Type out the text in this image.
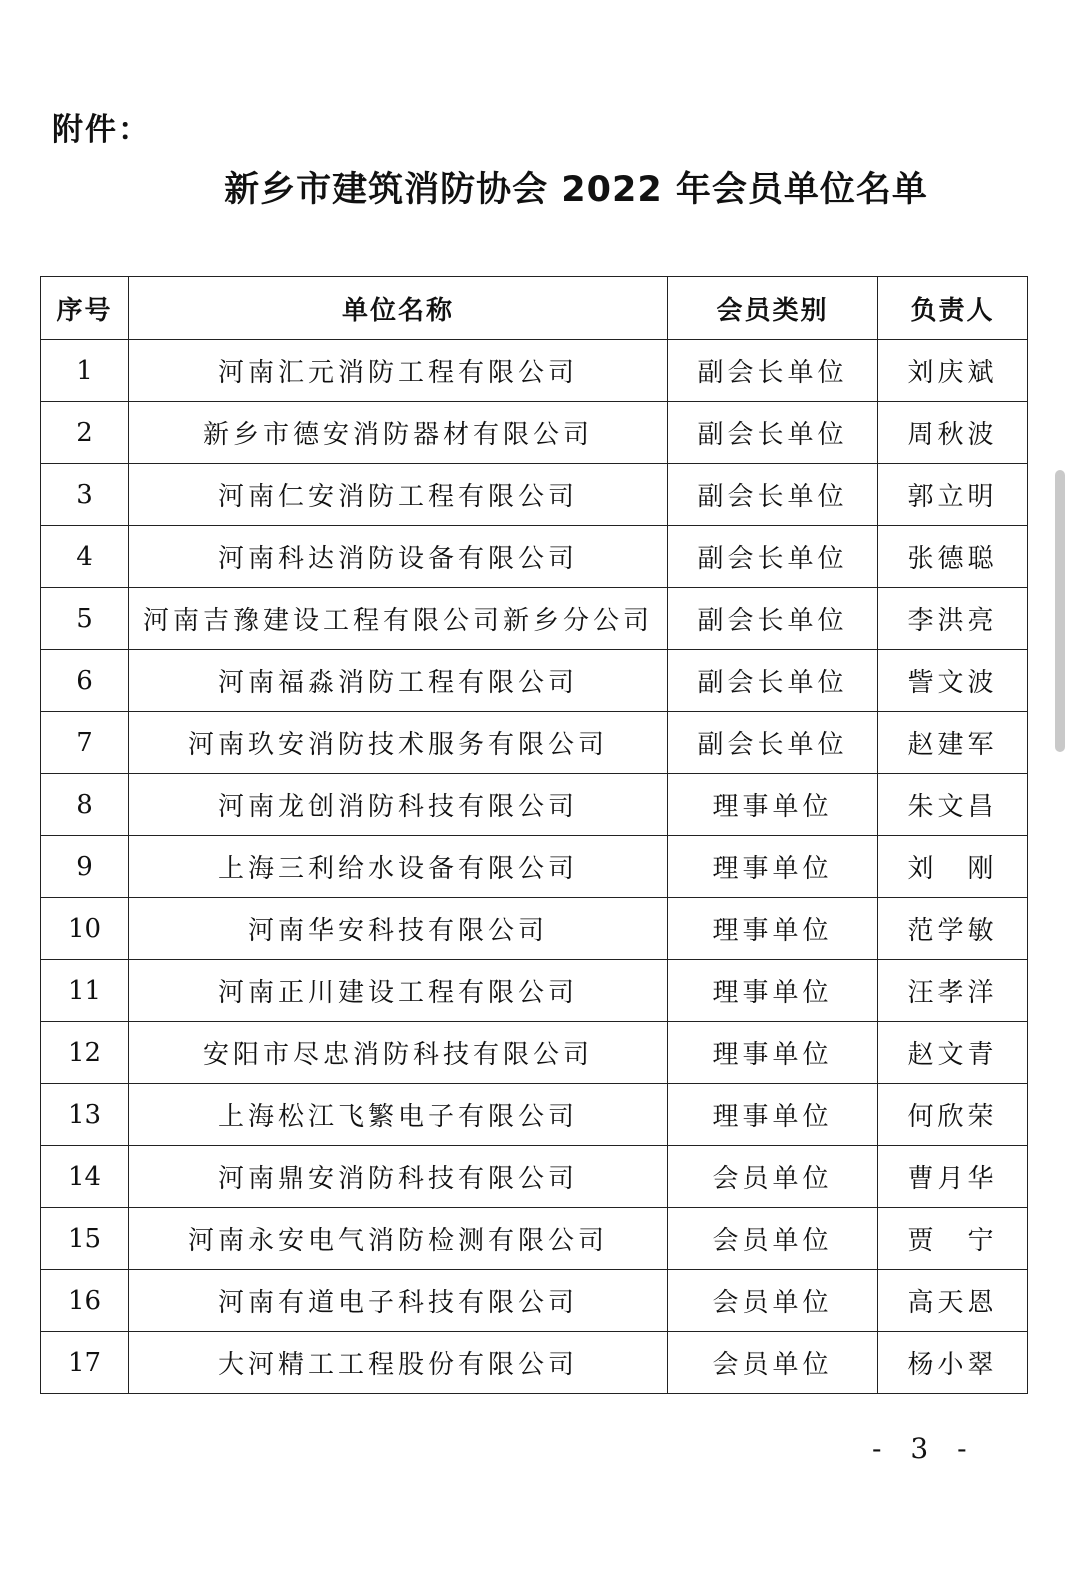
附件：
新乡市建筑消防协会 2022 年会员单位名单
序号	单位名称	会员类别	负责人
1	河南汇元消防工程有限公司	副会长单位	刘庆斌
2	新乡市德安消防器材有限公司	副会长单位	周秋波
3	河南仁安消防工程有限公司	副会长单位	郭立明
4	河南科达消防设备有限公司	副会长单位	张德聪
5	河南吉豫建设工程有限公司新乡分公司	副会长单位	李洪亮
6	河南福淼消防工程有限公司	副会长单位	訾文波
7	河南玖安消防技术服务有限公司	副会长单位	赵建军
8	河南龙创消防科技有限公司	理事单位	朱文昌
9	上海三利给水设备有限公司	理事单位	刘　刚
10	河南华安科技有限公司	理事单位	范学敏
11	河南正川建设工程有限公司	理事单位	汪孝洋
12	安阳市尽忠消防科技有限公司	理事单位	赵文青
13	上海松江飞繁电子有限公司	理事单位	何欣荣
14	河南鼎安消防科技有限公司	会员单位	曹月华
15	河南永安电气消防检测有限公司	会员单位	贾　宁
16	河南有道电子科技有限公司	会员单位	高天恩
17	大河精工工程股份有限公司	会员单位	杨小翠
- 3 -
